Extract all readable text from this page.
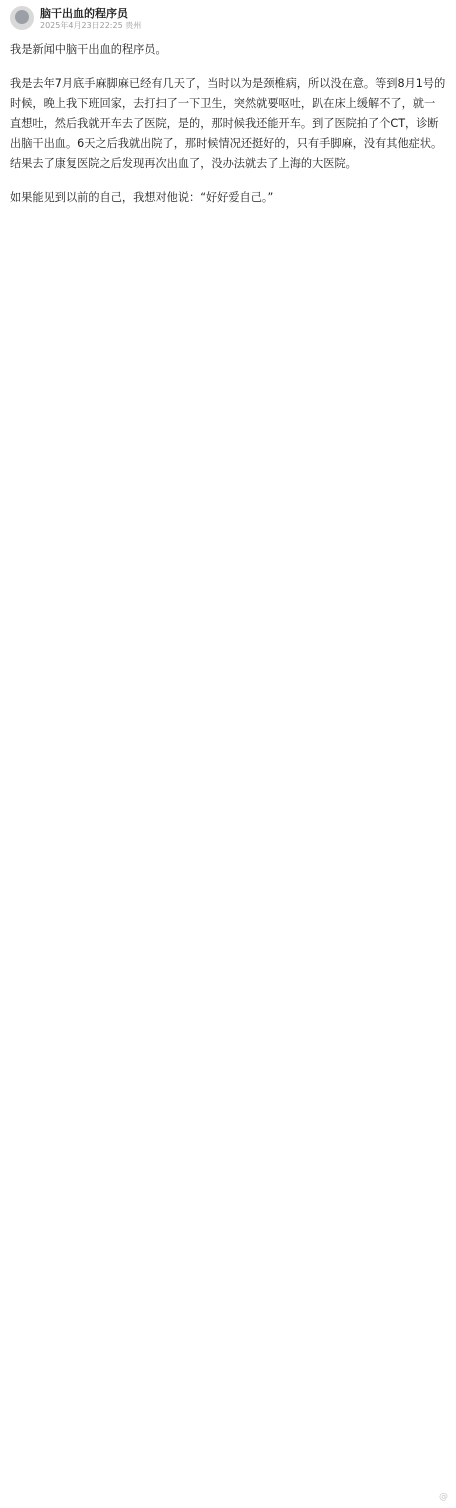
脑干出血的程序员
2025年4月23日22:25 贵州

我是新闻中脑干出血的程序员。

我是去年7月底手麻脚麻已经有几天了，当时以为是颈椎病，所以没在意。等到8月1号的时候，晚上我下班回家，去打扫了一下卫生，突然就要呕吐，趴在床上缓解不了，就一直想吐，然后我就开车去了医院，是的，那时候我还能开车。到了医院拍了个CT，诊断出脑干出血。6天之后我就出院了，那时候情况还挺好的，只有手脚麻，没有其他症状。结果去了康复医院之后发现再次出血了，没办法就去了上海的大医院。

如果能见到以前的自己，我想对他说：“好好爱自己。”

@
